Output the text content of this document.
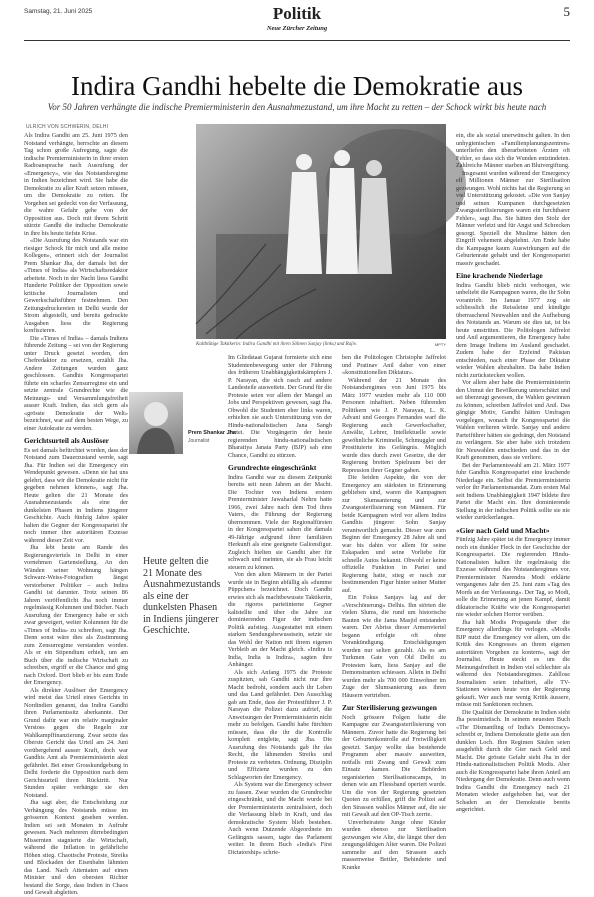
Samstag, 21. Juni 2025	Politik
Neue Zürcher Zeitung
5
Indira Gandhi hebelte die Demokratie aus
Vor 50 Jahren verhängte die indische Premierministerin den Ausnahmezustand, um ihre Macht zu retten – der Schock wirkt bis heute nach
ULRICH VON SCHWERIN, DELHI

Als Indira Gandhi am 25. Juni 1975 den Notstand verhängte, herrschte an diesem Tag schon große Aufregung, sagte die indische Premierministerin in ihrer ersten Radioansprache nach Ausrufung der «Emergency», wie das Notstandsregime in Indien bezeichnet wird. Sie habe die Demokratie zu aller Kraft setzen müssen, um die Demokratie zu retten. Ihr Vorgehen sei gedeckt von der Verfassung, die wahre Gefahr gehe von der Opposition aus. Doch mit ihrem Schritt stürzte Gandhi die indische Demokratie in ihre bis heute tiefste Krise.

«Die Ausrufung des Notstands war ein riesiger Schock für mich und alle meine Kollegen», erinnert sich der Journalist Prem Shankar Jha, der damals bei der «Times of India» als Wirtschaftsredaktor arbeitete. Noch in der Nacht liess Gandhi Hunderte Politiker der Opposition sowie kritische Journalisten und Gewerkschaftsführer festnehmen. Den Zeitungsdruckereien in Delhi wurde der Strom abgestellt, und bereits gedruckte Ausgaben liess die Regierung konfiszieren.

Die «Times of India» – damals Indiens führende Zeitung – sei von der Regierung unter Druck gesetzt worden, den Chefredaktor zu ersetzen, erzählt Jha. Andere Zeitungen wurden ganz geschlossen. Gandhis Kongresspartei führte ein scharfes Zensurregime ein und setzte zentrale Grundrechte wie die Meinungs- und Versammlungsfreiheit ausser Kraft. Indien, das sich gern als «grösste Demokratie der Welt» bezeichnet, war auf dem besten Wege, zu einer Autokratie zu werden.

Gerichtsurteil als Auslöser

Es sei damals befürchtet worden, dass der Notstand zum Dauerzustand werde, sagt Jha. Für Indien sei die Emergency ein Wendepunkt gewesen. «Denn sie hat uns gelehrt, dass wir die Demokratie nicht für gegeben nehmen können», sagt Jha. Heute gelten die 21 Monate des Ausnahmezustands als eine der dunkelsten Phasen in Indiens jüngerer Geschichte. Auch fünfzig Jahre später halten die Gegner der Kongresspartei ihr noch immer ihre autoritären Exzesse während dieser Zeit vor.

Jha lebt heute am Rande des Regierungsviertels in Delhi in einer vornehmen Gartensiedlung. An den Wänden seiner Wohnung hängen Schwarz-Weiss-Fotografien längst verstorbener Politiker – auch Indira Gandhi ist darunter. Trotz seinen 86 Jahren veröffentlicht Jha noch immer regelmässig Kolumnen und Bücher. Nach Ausrufung der Emergency habe er sich zwar geweigert, weiter Kolumnen für die «Times of India» zu schreiben, sagt Jha. Denn sonst wäre dies als Zustimmung zum Zensurregime verstanden worden. Als er ein Stipendium erhielt, um am Buch über die indische Wirtschaft zu schreiben, ergriff er die Chance und ging nach Oxford. Dort blieb er bis zum Ende der Emergency.

Als direkter Auslöser der Emergency wird meist das Urteil eines Gerichts in Nordindien genannt, das Indira Gandhi ihren Parlamentssitz aberkannte. Der Grund dafür war ein relativ marginaler Verstoss gegen die Regeln zur Wahlkampffinanzierung. Zwar setzte das Oberste Gericht das Urteil am 24. Juni vorübergehend ausser Kraft, doch war Gandhis Amt als Premierministerin akut gefährdet. Bei einer Grosskundgebung in Delhi forderte die Opposition nach dem Gerichtsurteil ihren Rücktritt. Nur Stunden später verhängte sie den Notstand.

Jha sagt aber, die Entscheidung zur Verhängung des Notstands müsse im grösseren Kontext gesehen werden. Indien sei seit Monaten in Aufruhr gewesen. Nach mehreren dürrebedingten Missernten stagnierte die Wirtschaft, während die Inflation in gefährliche Höhen stieg. Chaotische Proteste, Streiks und Blockaden der Eisenbahn lähmten das Land. Nach Attentaten auf einen Minister und den obersten Richter bestand die Sorge, dass Indien in Chaos und Gewalt abgleiten.

Kaltblütige Taktikerin: Indira Gandhi mit ihren Söhnen Sanjay (links) und Rajiv.	MPTY
Prem Shankar Jha
Journalist
Heute gelten die 21 Monate des Ausnahmezustands als eine der dunkelsten Phasen in Indiens jüngerer Geschichte.

Im Gliedstaat Gujarat formierte sich eine Studentenbewegung unter der Führung des früheren Unabhängigkeitskämpfers J. P. Narayan, die sich rasch auf andere Landesteile ausweitete. Der Grund für die Proteste seien vor allem der Mangel an Jobs und Perspektiven gewesen, sagt Jha. Obwohl die Studenten eher links waren, erhielten sie auch Unterstützung von der Hindu-nationalistischen Jana Sangh Partei. Die Vorgängerin der heute regierenden hindu-nationalistischen Bharatiya Janata Party (BJP) sah eine Chance, Gandhi zu stürzen.

Grundrechte eingeschränkt

Indira Gandhi war zu diesem Zeitpunkt bereits seit neun Jahren an der Macht. Die Tochter von Indiens erstem Premierminister Jawaharlal Nehru hatte 1966, zwei Jahre nach dem Tod ihres Vaters, die Führung der Regierung übernommen. Viele der Regionalfürsten in der Kongresspartei sahen die damals 49-Jährige aufgrund ihrer familiären Herkunft als eine geeignete Galionsfigur. Zugleich hielten sie Gandhi aber für schwach und meinten, sie als Frau leicht steuern zu können.

Von den alten Männern in der Partei wurde sie in Beginn abfällig als «dumme Püppchen» bezeichnet. Doch Gandhi erwies sich als machtbewusste Taktikerin, die rigoros parteiinterne Gegner kaltstellte und über die Jahre zur dominierenden Figur der indischen Politik aufstieg. Ausgestattet mit einem starken Sendungsbewusstsein, setzte sie das Wohl der Nation mit ihrem eigenen Verbleib an der Macht gleich. «Indira is India, India is Indira», sagten ihre Anhänger.

Als sich Anfang 1975 die Proteste zuspitzten, sah Gandhi nicht nur ihre Macht bedroht, sondern auch ihr Leben und das Land gefährdet. Den Ausschlag gab am Ende, dass der Protestführer J. P. Narayan die Polizei dazu aufrief, die Anweisungen der Premierministerin nicht mehr zu befolgen. Gandhi habe fürchten müssen, dass die ihr die Kontrolle komplett entgleite, sagt Jha. Die Ausrufung des Notstands gab ihr das Recht, die lähmenden Streiks und Proteste zu verbieten. Ordnung, Disziplin und Effizienz wurden zu den Schlagworten der Emergency.

Als System war die Emergency schwer zu fassen. Zwar wurden die Grundrechte eingeschränkt, und die Macht wurde bei der Premierministerin zentralisiert, doch die Verfassung blieb in Kraft, und das demokratische System blieb bestehen. Auch wenn Dutzende Abgeordnete im Gefängnis sassen, tagte das Parlament weiter. In ihrem Buch «India's First Dictatorship» schrie-

ben die Politologen Christophe Jaffrelot und Pratinav Anil daher von einer «konstitutionellen Diktatur».

Während der 21 Monate des Notstandsregimes von Juni 1975 bis März 1977 wurden mehr als 110 000 Personen inhaftiert. Neben führenden Politikern wie J. P. Narayan, L. K. Advani und Georges Fernandes warf die Regierung auch Gewerkschafter, Anwälte, Lehrer, Intellektuelle sowie gewöhnliche Kriminelle, Schmuggler und Prostituierte ins Gefängnis. Möglich wurde dies durch zwei Gesetze, die der Regierung breiten Spielraum bei der Repression ihrer Gegner gaben.

Die beiden Aspekte, die von der Emergency am stärksten in Erinnerung geblieben sind, waren die Kampagnen zur Slumsanierung und zur Zwangssterilisierung von Männern. Für beide Kampagnen wird vor allem Indira Gandhis jüngerer Sohn Sanjay verantwortlich gemacht. Dieser war zum Beginn der Emergency 28 Jahre alt und war bis dahin vor allem für seine Eskapaden und seine Vorliebe für schnelle Autos bekannt. Obwohl er keine offizielle Funktion in Partei und Regierung hatte, stieg er rasch zur bestimmenden Figur hinter seiner Mutter auf.

Ein Fokus Sanjays lag auf der «Verschönerung» Delhis. Ihn störten die vielen Slums, die rund um historische Bauten wie die Jama Masjid entstanden waren. Der Abriss dieser Armenviertel begann erfolgte oft ohne Vorankündigung. Entschädigungen wurden nur selten gezahlt. Als es am Turkmen Gate von Old Delhi zu Protesten kam, liess Sanjay auf die Demonstranten schiessen. Allein in Delhi wurden mehr als 700 000 Einwohner im Zuge der Slumsanierung aus ihren Häusern vertrieben.

Zur Sterilisierung gezwungen

Noch grössere Folgen hatte die Kampagne zur Zwangssterilisierung von Männern. Zuvor hatte die Regierung bei der Geburtenkontrolle auf Freiwilligkeit gesetzt. Sanjay wollte das bestehende Programm aber massiv ausweiten, notfalls mit Zwang und Gewalt zum Einsatz kamen. Die Behörden organisierten Sterilisationscamps, in denen wie am Fliessband operiert wurde. Um die von der Regierung gesetzten Quoten zu erfüllen, griff die Polizei auf den Strassen wahllos Männer auf, die sie mit Gewalt auf den OP-Tisch zerrte.

Unverheiratete Junge ohne Kinder wurden ebenso zur Sterilisation gezwungen wie Alte, die längst über den zeugungsfähigen Alter waren. Die Polizei sammelte auf den Strassen auch massenweise Bettler, Behinderte und Kranke

ein, die als sozial unerwünscht galten. In den unhygienischen «Familienplanungszentren» unterliefen den überarbeiteten Ärzten oft Fehler, so dass sich die Wunden entzündeten. Zahlreiche Männer starben an Blutvergiftung.

Insgesamt wurden während der Emergency elf Millionen Männer zur Sterilisation gezwungen. Wohl nichts hat die Regierung so viel Unterstützung gekostet. «Die von Sanjay und seinen Kumpanen durchgesetzten Zwangssterilisierungen waren ein furchtbarer Fehler», sagt Jha. Sie hätten den Stolz der Männer verletzt und für Angst und Schrecken gesorgt. Speziell die Muslime hätten den Eingriff vehement abgelehnt. Am Ende habe die Kampagne kaum Auswirkungen auf die Geburtenrate gehabt und der Kongresspartei massiv geschadet.

Eine krachende Niederlage

Indira Gandhi blieb nicht verborgen, wie unbeliebt die Kampagnen waren, die ihr Sohn vorantrieb. Im Januar 1977 zog sie schliesslich die Reissleine und kündigte überraschend Neuwahlen und die Aufhebung des Notstands an. Warum sie dies tat, ist bis heute umstritten. Die Politologen Jaffrelot und Anil argumentieren, die Emergency habe dem Image Indiens im Ausland geschadet. Zudem habe der Erzfeind Pakistan entschieden, nach einer Phase der Diktatur wieder Wahlen abzuhalten. Da habe Indien nicht zurückstecken wollen.

Vor allem aber habe die Premierministerin den Unmut der Bevölkerung unterschätzt und sei überzeugt gewesen, die Wahlen gewinnen zu können, schreiben Jaffrelot und Anil. Das gängige Motiv, Gandhi hätten Umfragen vorgelegen, wonach ihr Kongresspartei die Wahlen verlieren würde. Sanjay und andere Parteiführer hätten sie gedrängt, den Notstand zu verlängern. Sie aber habe sich trotzdem für Neuwahlen entschieden und das in der Kraft genommen, dass sie verliere.

Bei der Parlamentswahl am 21. März 1977 fuhr Gandhis Kongresspartei eine krachende Niederlage ein. Selbst die Premierministerin verlor ihr Parlamentsmandat. Zum ersten Mal seit Indiens Unabhängigkeit 1947 bildete ihre Partei die Macht ein. Ihre dominierende Stellung in der indischen Politik sollte sie nie wieder zurückerlangen.

«Gier nach Geld und Macht»

Fünfzig Jahre später ist die Emergency immer noch ein dunkler Fleck in der Geschichte der Kongresspartei. Die regierenden Hindu-Nationalisten halten ihr regelmässig die Exzesse während des Notstandsregimes vor. Premierminister Narendra Modi erklärte vergangenes Jahr den 25. Juni zum «Tag des Mords an der Verfassung». Der Tag, so Modi, solle die Erinnerung an jenen Kampf, damit diktatorische Kräfte wie die Kongresspartei nie wieder solchen Horror verüben.

Jha hält Modis Propaganda über die Emergency allerdings für verlogen. «Modis BJP nutzt die Emergency vor allem, um die Kritik des Kongresses an ihrem eigenen autoritären Vorgehen zu kontern», sagt der Journalist. Heute steckt es um die Meinungsfreiheit in Indien viel schlechter als während des Notstandsregimes. Zahllose Journalisten seien inhaftiert, alle TV-Stationen wiesen heute von der Regierung gekauft. Wer auch nur wenig Kritik äussere, müsse mit Sanktionen rechnen.

Die Qualität der Demokratie in Indien sieht Jha pessimistisch. In seinem neuesten Buch «The Dismantling of India's Democracy» schreibt er, Indiens Demokratie gleite aus den dunklen Loch. Ihre Regimen Säulen seien ausgehöhlt durch die Gier nach Geld und Macht. Die grösste Gefahr sieht Jha in der Hindu-nationalistischen Politik Modis. Aber auch die Kongresspartei habe ihren Anteil am Niedergang der Demokratie. Denn auch wenn Indira Gandhi die Emergency nach 21 Monaten wieder aufgehoben hat, war der Schaden an der Demokratie bereits angerichtet.
